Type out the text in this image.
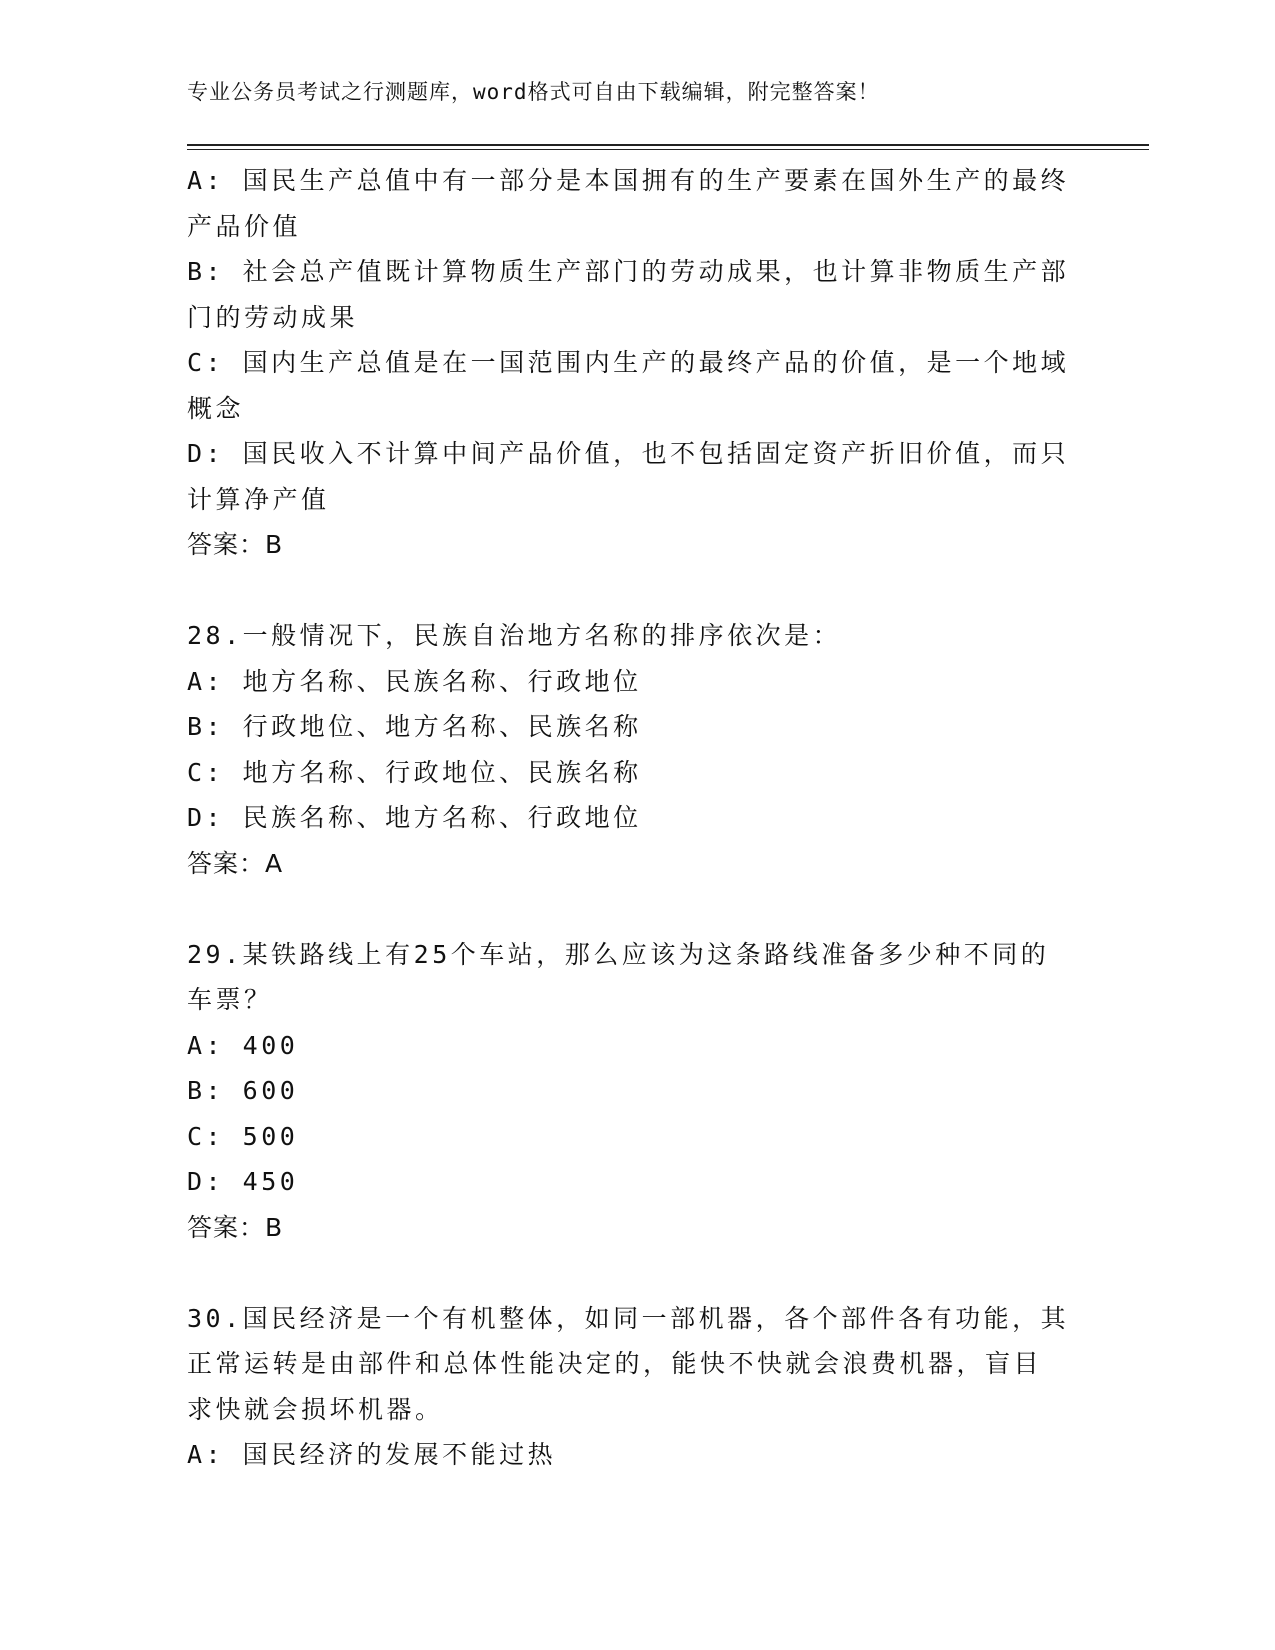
专业公务员考试之行测题库，word格式可自由下载编辑，附完整答案！
A: 国民生产总值中有一部分是本国拥有的生产要素在国外生产的最终
产品价值
B: 社会总产值既计算物质生产部门的劳动成果，也计算非物质生产部
门的劳动成果
C: 国内生产总值是在一国范围内生产的最终产品的价值，是一个地域
概念
D: 国民收入不计算中间产品价值，也不包括固定资产折旧价值，而只
计算净产值
答案：B
28.一般情况下，民族自治地方名称的排序依次是：
A: 地方名称、民族名称、行政地位
B: 行政地位、地方名称、民族名称
C: 地方名称、行政地位、民族名称
D: 民族名称、地方名称、行政地位
答案：A
29.某铁路线上有25个车站，那么应该为这条路线准备多少种不同的
车票？
A: 400
B: 600
C: 500
D: 450
答案：B
30.国民经济是一个有机整体，如同一部机器，各个部件各有功能，其
正常运转是由部件和总体性能决定的，能快不快就会浪费机器，盲目
求快就会损坏机器。
A: 国民经济的发展不能过热
